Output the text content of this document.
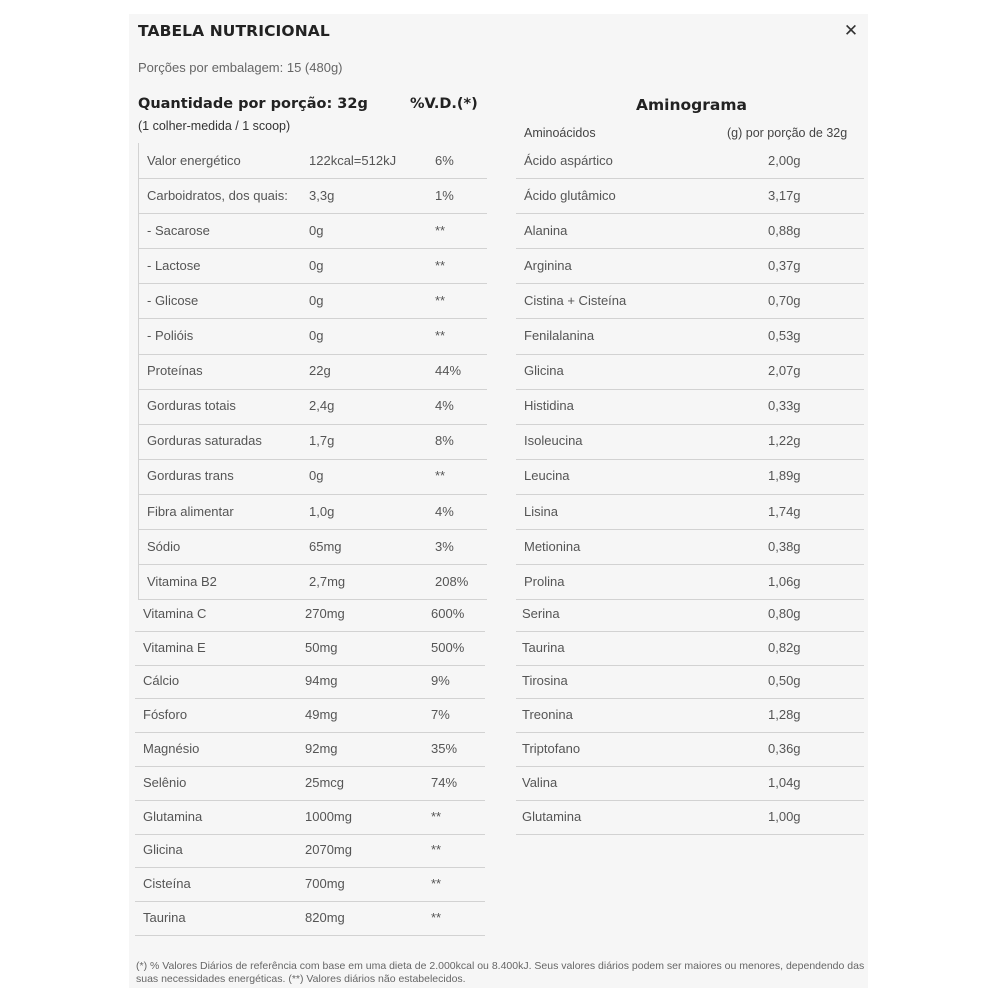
TABELA NUTRICIONAL	✕
Porções por embalagem: 15 (480g)
Quantidade por porção: 32g	%V.D.(*)
(1 colher-medida / 1 scoop)
Aminograma
Aminoácidos	(g) por porção de 32g
Valor energético	122kcal=512kJ	6%
Carboidratos, dos quais: 3,3g	1%
- Sacarose	0g	**
- Lactose	0g	**
- Glicose	0g	**
- Polióis	0g	**
Proteínas	22g	44%
Gorduras totais	2,4g	4%
Gorduras saturadas	1,7g	8%
Gorduras trans	0g	**
Fibra alimentar	1,0g	4%
Sódio	65mg	3%
Vitamina B2	2,7mg	208%
Vitamina C	270mg	600%
Vitamina E	50mg	500%
Cálcio	94mg	9%
Fósforo	49mg	7%
Magnésio	92mg	35%
Selênio	25mcg	74%
Glutamina	1000mg	**
Glicina	2070mg	**
Cisteína	700mg	**
Taurina	820mg	**
Ácido aspártico	2,00g
Ácido glutâmico	3,17g
Alanina	0,88g
Arginina	0,37g
Cistina + Cisteína	0,70g
Fenilalanina	0,53g
Glicina	2,07g
Histidina	0,33g
Isoleucina	1,22g
Leucina	1,89g
Lisina	1,74g
Metionina	0,38g
Prolina	1,06g
Serina	0,80g
Taurina	0,82g
Tirosina	0,50g
Treonina	1,28g
Triptofano	0,36g
Valina	1,04g
Glutamina	1,00g
(*) % Valores Diários de referência com base em uma dieta de 2.000kcal ou 8.400kJ. Seus valores diários podem ser maiores ou menores, dependendo das suas necessidades energéticas. (**) Valores diários não estabelecidos.
